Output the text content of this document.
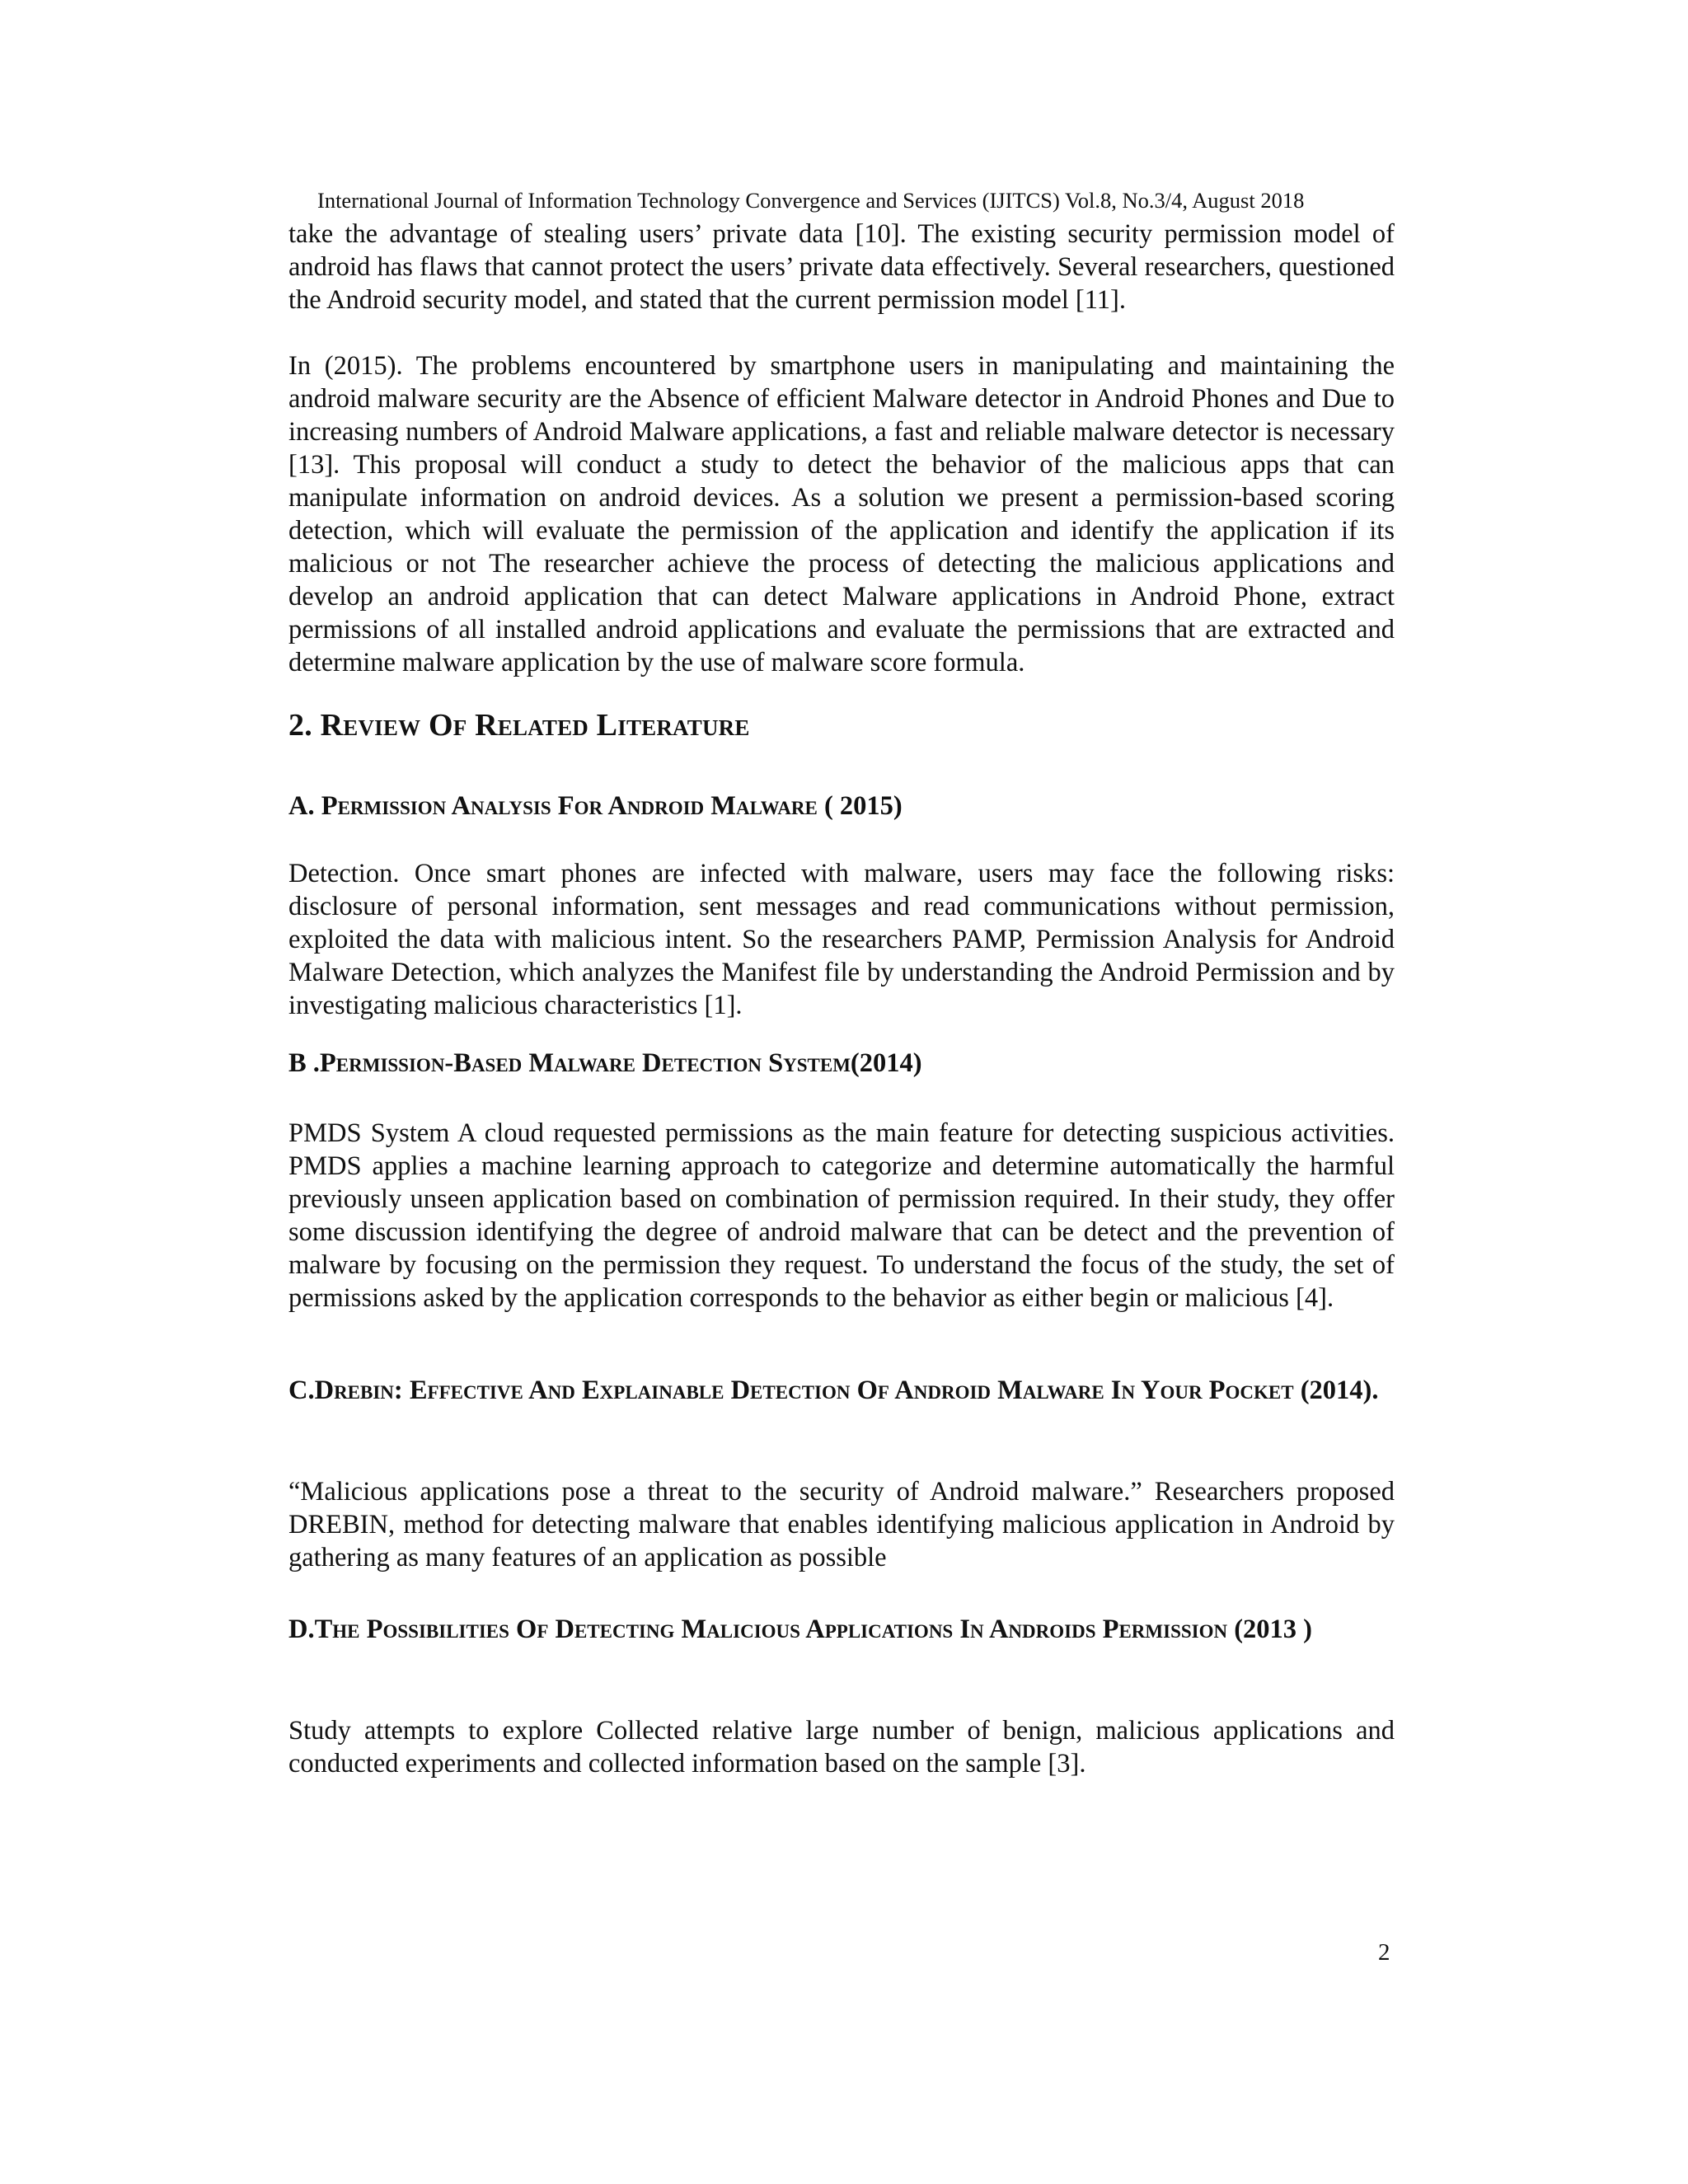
International Journal of Information Technology Convergence and Services (IJITCS) Vol.8, No.3/4, August 2018

take the advantage of stealing users’ private data [10]. The existing security permission model of android has flaws that cannot protect the users’ private data effectively. Several researchers, questioned the Android security model, and stated that the current permission model [11].

In (2015). The problems encountered by smartphone users in manipulating and maintaining the android malware security are the Absence of efficient Malware detector in Android Phones and Due to increasing numbers of Android Malware applications, a fast and reliable malware detector is necessary [13]. This proposal will conduct a study to detect the behavior of the malicious apps that can manipulate information on android devices. As a solution we present a permission-based scoring detection, which will evaluate the permission of the application and identify the application if its malicious or not The researcher achieve the process of detecting the malicious applications and develop an android application that can detect Malware applications in Android Phone, extract permissions of all installed android applications and evaluate the permissions that are extracted and determine malware application by the use of malware score formula.

2. Review Of Related Literature
A. Permission Analysis For Android Malware ( 2015)

Detection. Once smart phones are infected with malware, users may face the following risks: disclosure of personal information, sent messages and read communications without permission, exploited the data with malicious intent. So the researchers PAMP, Permission Analysis for Android Malware Detection, which analyzes the Manifest file by understanding the Android Permission and by investigating malicious characteristics [1].

B .Permission-Based Malware Detection System(2014)

PMDS System A cloud requested permissions as the main feature for detecting suspicious activities. PMDS applies a machine learning approach to categorize and determine automatically the harmful previously unseen application based on combination of permission required. In their study, they offer some discussion identifying the degree of android malware that can be detect and the prevention of malware by focusing on the permission they request. To understand the focus of the study, the set of permissions asked by the application corresponds to the behavior as either begin or malicious [4].

C.Drebin: Effective And Explainable Detection Of Android Malware In Your Pocket (2014).

“Malicious applications pose a threat to the security of Android malware.” Researchers proposed DREBIN, method for detecting malware that enables identifying malicious application in Android by gathering as many features of an application as possible

D.The Possibilities Of Detecting Malicious Applications In Androids Permission (2013 )

Study attempts to explore Collected relative large number of benign, malicious applications and conducted experiments and collected information based on the sample [3].

2
